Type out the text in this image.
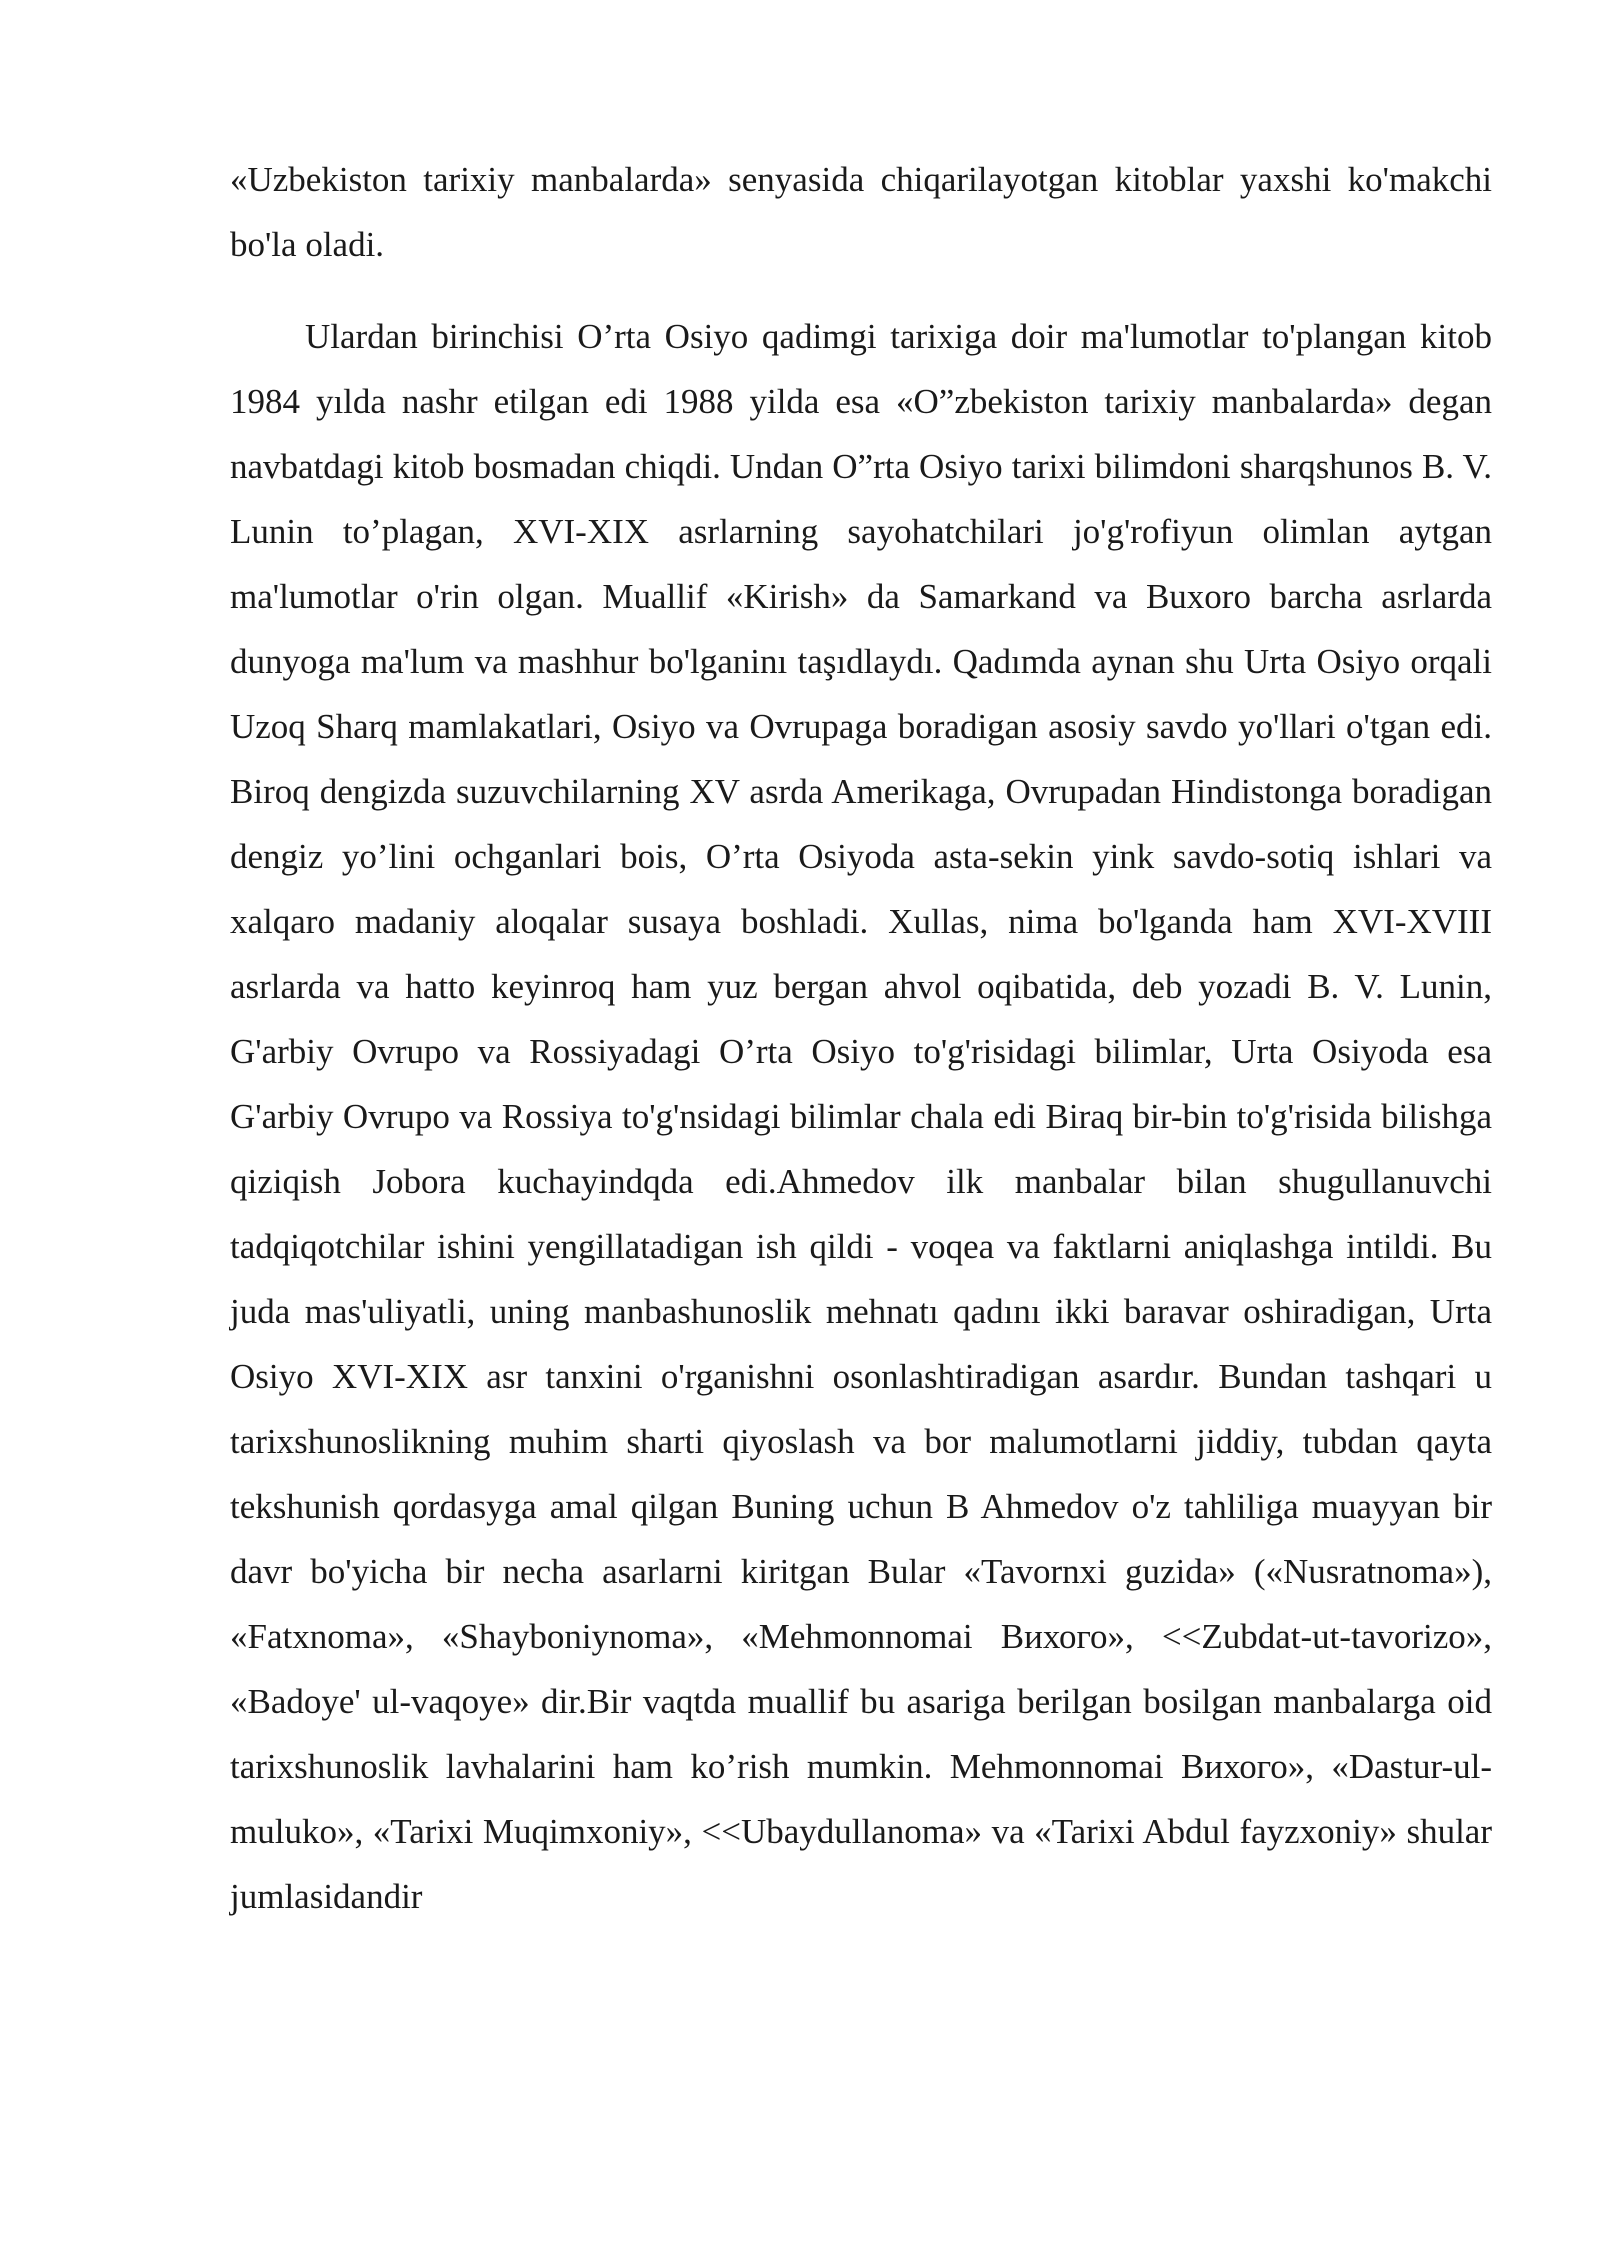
«Uzbekiston tarixiy manbalarda» senyasida chiqarilayotgan kitoblar yaxshi ko'makchi bo'la oladi.

Ulardan birinchisi O’rta Osiyo qadimgi tarixiga doir ma'lumotlar to'plangan kitob 1984 yılda nashr etilgan edi 1988 yilda esa «O”zbekiston tarixiy manbalarda» degan navbatdagi kitob bosmadan chiqdi. Undan O”rta Osiyo tarixi bilimdoni sharqshunos B. V. Lunin to’plagan, XVI-XIX asrlarning sayohatchilari jo'g'rofiyun olimlan aytgan ma'lumotlar o'rin olgan. Muallif «Kirish» da Samarkand va Buxoro barcha asrlarda dunyoga ma'lum va mashhur bo'lganinı taşıdlaydı. Qadımda aynan shu Urta Osiyo orqali Uzoq Sharq mamlakatlari, Osiyo va Ovrupaga boradigan asosiy savdo yo'llari o'tgan edi. Biroq dengizda suzuvchilarning XV asrda Amerikaga, Ovrupadan Hindistonga boradigan dengiz yo’lini ochganlari bois, O’rta Osiyoda asta-sekin yink savdo-sotiq ishlari va xalqaro madaniy aloqalar susaya boshladi. Xullas, nima bo'lganda ham XVI-XVIII asrlarda va hatto keyinroq ham yuz bergan ahvol oqibatida, deb yozadi B. V. Lunin, G'arbiy Ovrupo va Rossiyadagi O’rta Osiyo to'g'risidagi bilimlar, Urta Osiyoda esa G'arbiy Ovrupo va Rossiya to'g'nsidagi bilimlar chala edi Biraq bir-bin to'g'risida bilishga qiziqish Jobora kuchayindqda edi.Ahmedov ilk manbalar bilan shugullanuvchi tadqiqotchilar ishini yengillatadigan ish qildi - voqea va faktlarni aniqlashga intildi. Bu juda mas'uliyatli, uning manbashunoslik mehnatı qadını ikki baravar oshiradigan, Urta Osiyo XVI-XIX asr tanxini o'rganishni osonlashtiradigan asardır. Bundan tashqari u tarixshunoslikning muhim sharti qiyoslash va bor malumotlarni jiddiy, tubdan qayta tekshunish qordasyga amal qilgan Buning uchun B Ahmedov o'z tahliliga muayyan bir davr bo'yicha bir necha asarlarni kiritgan Bular «Tavornxi guzida» («Nusratnoma»), «Fatxnoma», «Shayboniynoma», «Mehmonnomai Вихого», <<Zubdat-ut-tavorizo», «Badoye' ul-vaqoye» dir.Bir vaqtda muallif bu asariga berilgan bosilgan manbalarga oid tarixshunoslik lavhalarini ham ko’rish mumkin. Mehmonnomai Вихого», «Dastur-ul-muluko», «Tarixi Muqimxoniy», <<Ubaydullanoma» va «Tarixi Abdul fayzxoniy» shular jumlasidandir
